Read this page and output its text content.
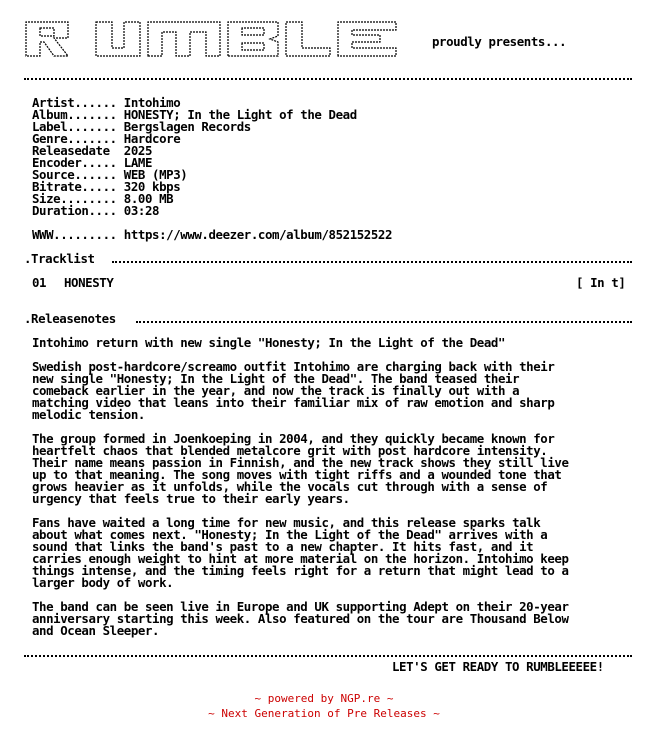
proudly presents...
Artist...... Intohimo
Album....... HONESTY; In the Light of the Dead
Label....... Bergslagen Records
Genre....... Hardcore
Releasedate  2025
Encoder..... LAME
Source...... WEB (MP3)
Bitrate..... 320 kbps
Size........ 8.00 MB
Duration.... 03:28
WWW......... https://www.deezer.com/album/852152522
.Tracklist
01 HONESTY	[ In t]
.Releasenotes
Intohimo return with new single "Honesty; In the Light of the Dead"
Swedish post-hardcore/screamo outfit Intohimo are charging back with their
new single "Honesty; In the Light of the Dead". The band teased their
comeback earlier in the year, and now the track is finally out with a
matching video that leans into their familiar mix of raw emotion and sharp
melodic tension.
The group formed in Joenkoeping in 2004, and they quickly became known for
heartfelt chaos that blended metalcore grit with post hardcore intensity.
Their name means passion in Finnish, and the new track shows they still live
up to that meaning. The song moves with tight riffs and a wounded tone that
grows heavier as it unfolds, while the vocals cut through with a sense of
urgency that feels true to their early years.
Fans have waited a long time for new music, and this release sparks talk
about what comes next. "Honesty; In the Light of the Dead" arrives with a
sound that links the band's past to a new chapter. It hits fast, and it
carries enough weight to hint at more material on the horizon. Intohimo keep
things intense, and the timing feels right for a return that might lead to a
larger body of work.
The band can be seen live in Europe and UK supporting Adept on their 20-year
anniversary starting this week. Also featured on the tour are Thousand Below
and Ocean Sleeper.
LET'S GET READY TO RUMBLEEEEE!
~ powered by NGP.re ~
~ Next Generation of Pre Releases ~
